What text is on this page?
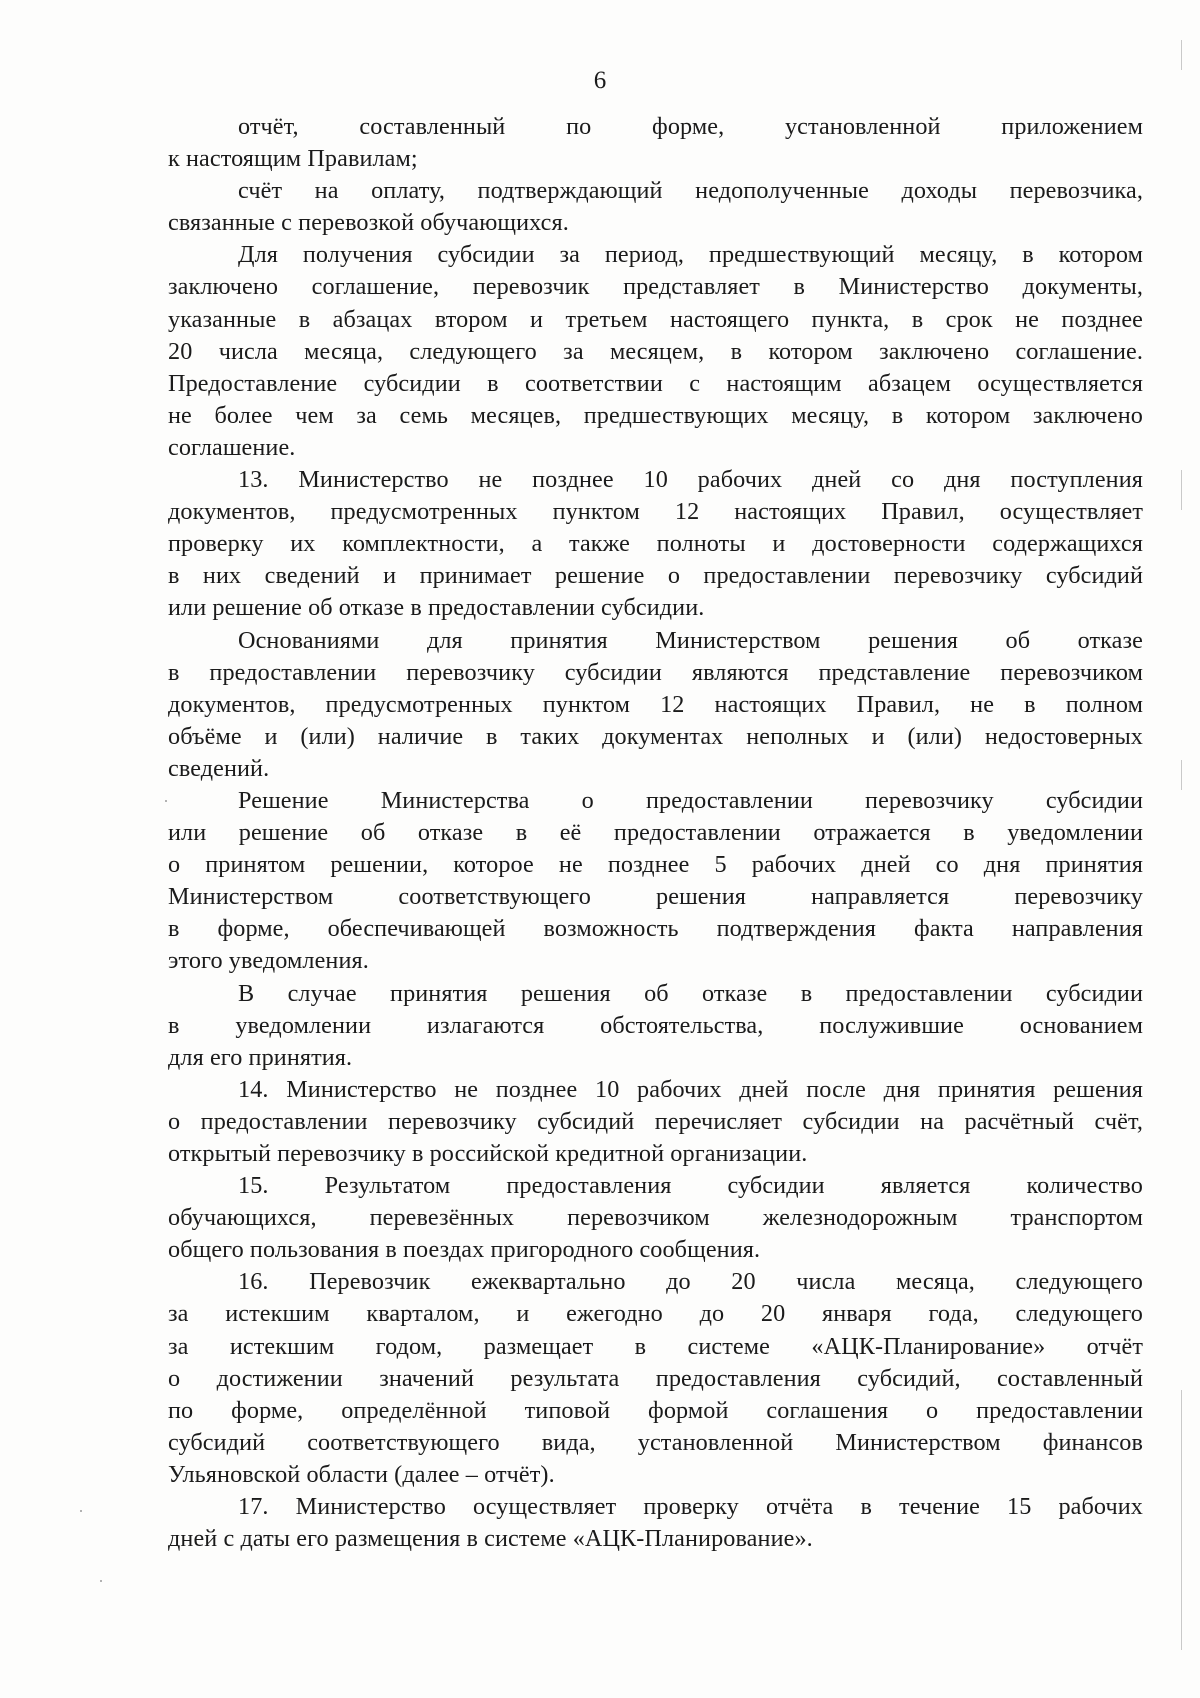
6
отчёт, составленный по форме, установленной приложением
к настоящим Правилам;
счёт на оплату, подтверждающий недополученные доходы перевозчика,
связанные с перевозкой обучающихся.
Для получения субсидии за период, предшествующий месяцу, в котором
заключено соглашение, перевозчик представляет в Министерство документы,
указанные в абзацах втором и третьем настоящего пункта, в срок не позднее
20 числа месяца, следующего за месяцем, в котором заключено соглашение.
Предоставление субсидии в соответствии с настоящим абзацем осуществляется
не более чем за семь месяцев, предшествующих месяцу, в котором заключено
соглашение.
13. Министерство не позднее 10 рабочих дней со дня поступления
документов, предусмотренных пунктом 12 настоящих Правил, осуществляет
проверку их комплектности, а также полноты и достоверности содержащихся
в них сведений и принимает решение о предоставлении перевозчику субсидий
или решение об отказе в предоставлении субсидии.
Основаниями для принятия Министерством решения об отказе
в предоставлении перевозчику субсидии являются представление перевозчиком
документов, предусмотренных пунктом 12 настоящих Правил, не в полном
объёме и (или) наличие в таких документах неполных и (или) недостоверных
сведений.
Решение Министерства о предоставлении перевозчику субсидии
или решение об отказе в её предоставлении отражается в уведомлении
о принятом решении, которое не позднее 5 рабочих дней со дня принятия
Министерством соответствующего решения направляется перевозчику
в форме, обеспечивающей возможность подтверждения факта направления
этого уведомления.
В случае принятия решения об отказе в предоставлении субсидии
в уведомлении излагаются обстоятельства, послужившие основанием
для его принятия.
14. Министерство не позднее 10 рабочих дней после дня принятия решения
о предоставлении перевозчику субсидий перечисляет субсидии на расчётный счёт,
открытый перевозчику в российской кредитной организации.
15. Результатом предоставления субсидии является количество
обучающихся, перевезённых перевозчиком железнодорожным транспортом
общего пользования в поездах пригородного сообщения.
16. Перевозчик ежеквартально до 20 числа месяца, следующего
за истекшим кварталом, и ежегодно до 20 января года, следующего
за истекшим годом, размещает в системе «АЦК-Планирование» отчёт
о достижении значений результата предоставления субсидий, составленный
по форме, определённой типовой формой соглашения о предоставлении
субсидий соответствующего вида, установленной Министерством финансов
Ульяновской области (далее – отчёт).
17. Министерство осуществляет проверку отчёта в течение 15 рабочих
дней с даты его размещения в системе «АЦК-Планирование».
